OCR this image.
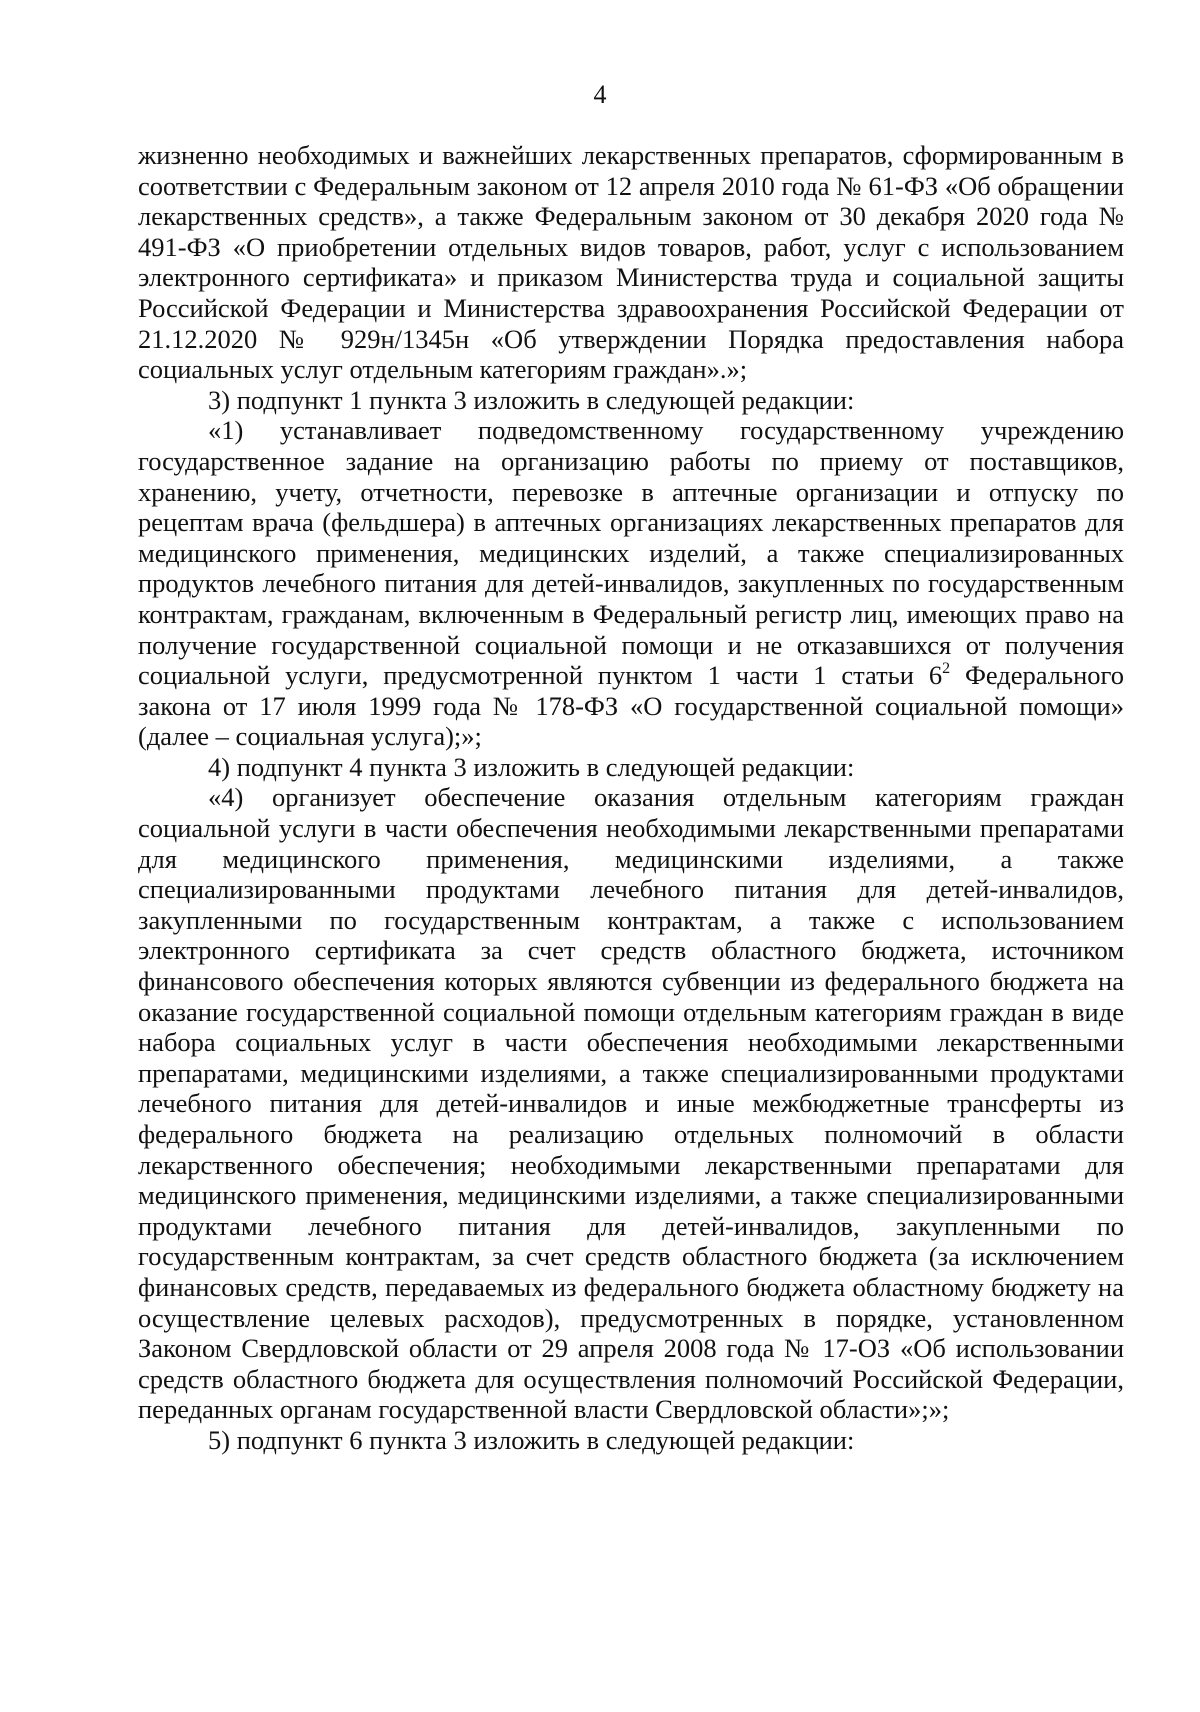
4

жизненно необходимых и важнейших лекарственных препаратов, сформированным в соответствии с Федеральным законом от 12 апреля 2010 года № 61-ФЗ «Об обращении лекарственных средств», а также Федеральным законом от 30 декабря 2020 года № 491-ФЗ «О приобретении отдельных видов товаров, работ, услуг с использованием электронного сертификата» и приказом Министерства труда и социальной защиты Российской Федерации и Министерства здравоохранения Российской Федерации от 21.12.2020 № 929н/1345н «Об утверждении Порядка предоставления набора социальных услуг отдельным категориям граждан».»;

3) подпункт 1 пункта 3 изложить в следующей редакции:

«1) устанавливает подведомственному государственному учреждению государственное задание на организацию работы по приему от поставщиков, хранению, учету, отчетности, перевозке в аптечные организации и отпуску по рецептам врача (фельдшера) в аптечных организациях лекарственных препаратов для медицинского применения, медицинских изделий, а также специализированных продуктов лечебного питания для детей-инвалидов, закупленных по государственным контрактам, гражданам, включенным в Федеральный регистр лиц, имеющих право на получение государственной социальной помощи и не отказавшихся от получения социальной услуги, предусмотренной пунктом 1 части 1 статьи $6^2$ Федерального закона от 17 июля 1999 года № 178-ФЗ «О государственной социальной помощи» (далее – социальная услуга);»;

4) подпункт 4 пункта 3 изложить в следующей редакции:

«4) организует обеспечение оказания отдельным категориям граждан социальной услуги в части обеспечения необходимыми лекарственными препаратами для медицинского применения, медицинскими изделиями, а также специализированными продуктами лечебного питания для детей-инвалидов, закупленными по государственным контрактам, а также с использованием электронного сертификата за счет средств областного бюджета, источником финансового обеспечения которых являются субвенции из федерального бюджета на оказание государственной социальной помощи отдельным категориям граждан в виде набора социальных услуг в части обеспечения необходимыми лекарственными препаратами, медицинскими изделиями, а также специализированными продуктами лечебного питания для детей-инвалидов и иные межбюджетные трансферты из федерального бюджета на реализацию отдельных полномочий в области лекарственного обеспечения; необходимыми лекарственными препаратами для медицинского применения, медицинскими изделиями, а также специализированными продуктами лечебного питания для детей-инвалидов, закупленными по государственным контрактам, за счет средств областного бюджета (за исключением финансовых средств, передаваемых из федерального бюджета областному бюджету на осуществление целевых расходов), предусмотренных в порядке, установленном Законом Свердловской области от 29 апреля 2008 года № 17-ОЗ «Об использовании средств областного бюджета для осуществления полномочий Российской Федерации, переданных органам государственной власти Свердловской области»;»;

5) подпункт 6 пункта 3 изложить в следующей редакции:
